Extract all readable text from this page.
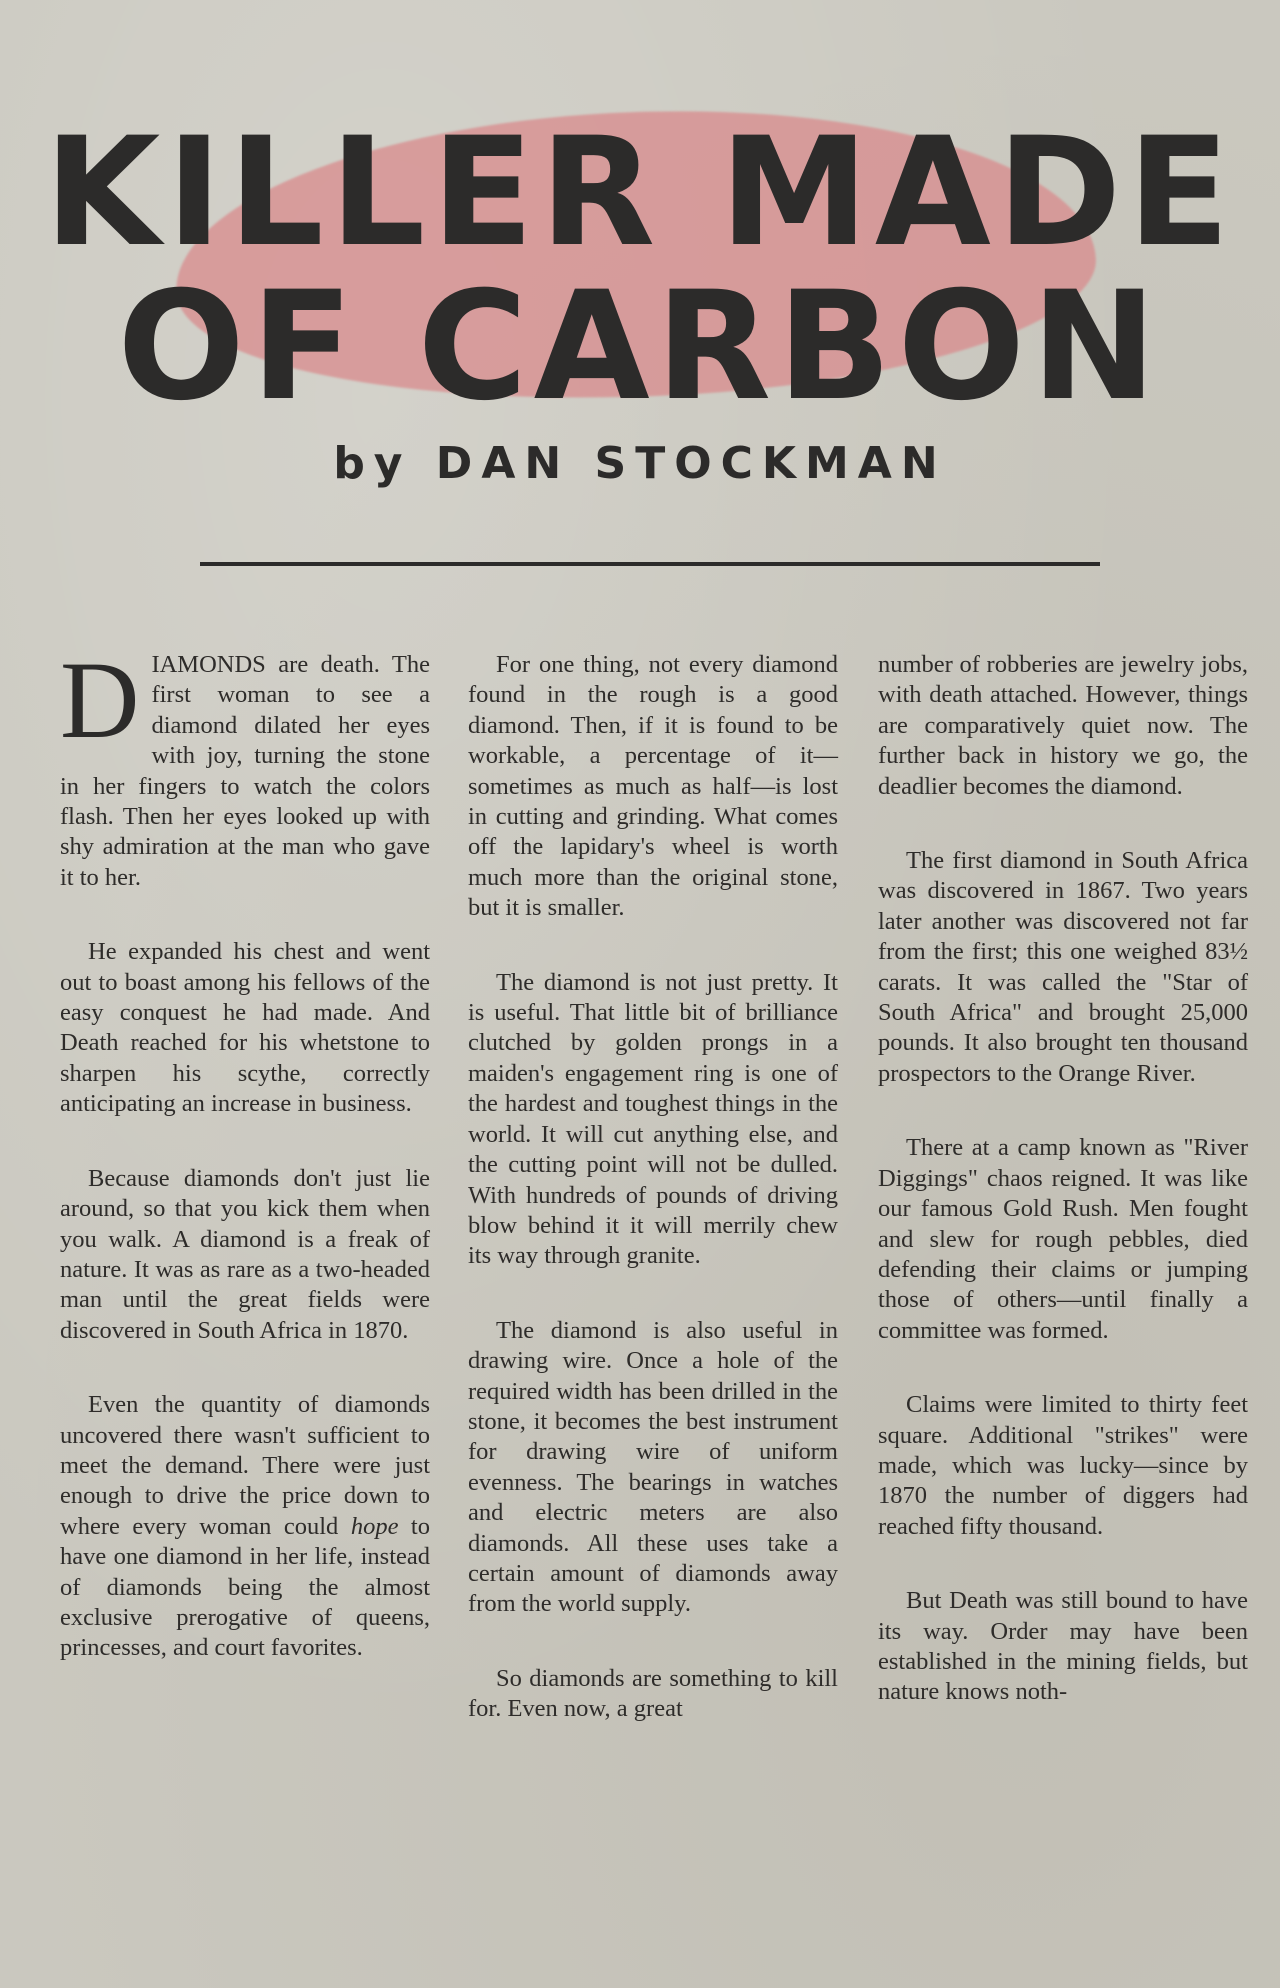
KILLER MADE
OF CARBON
by DAN STOCKMAN

DIAMONDS are death. The first woman to see a diamond dilated her eyes with joy, turning the stone in her fingers to watch the colors flash. Then her eyes looked up with shy admiration at the man who gave it to her.

He expanded his chest and went out to boast among his fellows of the easy conquest he had made. And Death reached for his whetstone to sharpen his scythe, correctly anticipating an increase in business.

Because diamonds don't just lie around, so that you kick them when you walk. A diamond is a freak of nature. It was as rare as a two-headed man until the great fields were discovered in South Africa in 1870.

Even the quantity of diamonds uncovered there wasn't sufficient to meet the demand. There were just enough to drive the price down to where every woman could hope to have one diamond in her life, instead of diamonds being the almost exclusive prerogative of queens, princesses, and court favorites.

For one thing, not every diamond found in the rough is a good diamond. Then, if it is found to be workable, a percentage of it—sometimes as much as half—is lost in cutting and grinding. What comes off the lapidary's wheel is worth much more than the original stone, but it is smaller.

The diamond is not just pretty. It is useful. That little bit of brilliance clutched by golden prongs in a maiden's engagement ring is one of the hardest and toughest things in the world. It will cut anything else, and the cutting point will not be dulled. With hundreds of pounds of driving blow behind it it will merrily chew its way through granite.

The diamond is also useful in drawing wire. Once a hole of the required width has been drilled in the stone, it becomes the best instrument for drawing wire of uniform evenness. The bearings in watches and electric meters are also diamonds. All these uses take a certain amount of diamonds away from the world supply.

So diamonds are something to kill for. Even now, a great

number of robberies are jewelry jobs, with death attached. However, things are comparatively quiet now. The further back in history we go, the deadlier becomes the diamond.

The first diamond in South Africa was discovered in 1867. Two years later another was discovered not far from the first; this one weighed 83½ carats. It was called the "Star of South Africa" and brought 25,000 pounds. It also brought ten thousand prospectors to the Orange River.

There at a camp known as "River Diggings" chaos reigned. It was like our famous Gold Rush. Men fought and slew for rough pebbles, died defending their claims or jumping those of others—until finally a committee was formed.

Claims were limited to thirty feet square. Additional "strikes" were made, which was lucky—since by 1870 the number of diggers had reached fifty thousand.

But Death was still bound to have its way. Order may have been established in the mining fields, but nature knows noth-
